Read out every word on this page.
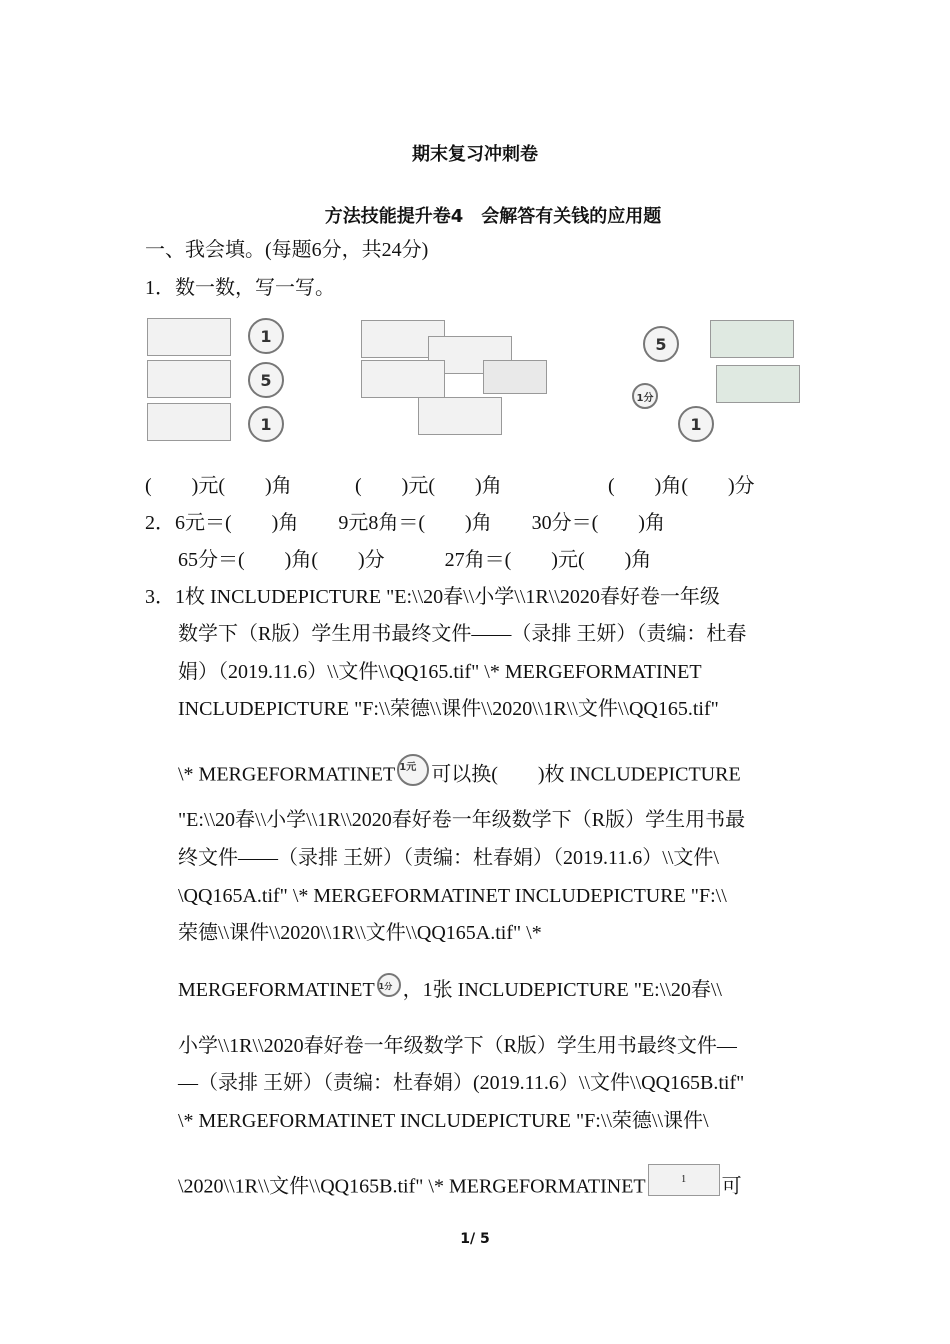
期末复习冲刺卷
方法技能提升卷4　会解答有关钱的应用题
一、我会填。(每题6分，共24分)
1．数一数，写一写。
1
5
1
5
1分
1
(　　)元(　　)角	(　　)元(　　)角	(　　)角(　　)分
2．6元＝(　　)角　　9元8角＝(　　)角　　30分＝(　　)角
65分＝(　　)角(　　)分　　　27角＝(　　)元(　　)角
3．1枚 INCLUDEPICTURE "E:\\20春\\小学\\1R\\2020春好卷一年级
数学下（R版）学生用书最终文件——（录排 王妍）（责编：杜春
娟）（2019.11.6）\\文件\\QQ165.tif" \* MERGEFORMATINET
INCLUDEPICTURE "F:\\荣德\\课件\\2020\\1R\\文件\\QQ165.tif"
\* MERGEFORMATINET 1元 可以换(　　)枚 INCLUDEPICTURE
"E:\\20春\\小学\\1R\\2020春好卷一年级数学下（R版）学生用书最
终文件——（录排 王妍）（责编：杜春娟）（2019.11.6）\\文件\
\QQ165A.tif" \* MERGEFORMATINET INCLUDEPICTURE "F:\\
荣德\\课件\\2020\\1R\\文件\\QQ165A.tif" \*
MERGEFORMATINET 1分 ，1张 INCLUDEPICTURE "E:\\20春\\
小学\\1R\\2020春好卷一年级数学下（R版）学生用书最终文件—
—（录排 王妍）（责编：杜春娟）(2019.11.6）\\文件\\QQ165B.tif"
\* MERGEFORMATINET INCLUDEPICTURE "F:\\荣德\\课件\
\2020\\1R\\文件\\QQ165B.tif" \* MERGEFORMATINET	1 可
1/ 5
